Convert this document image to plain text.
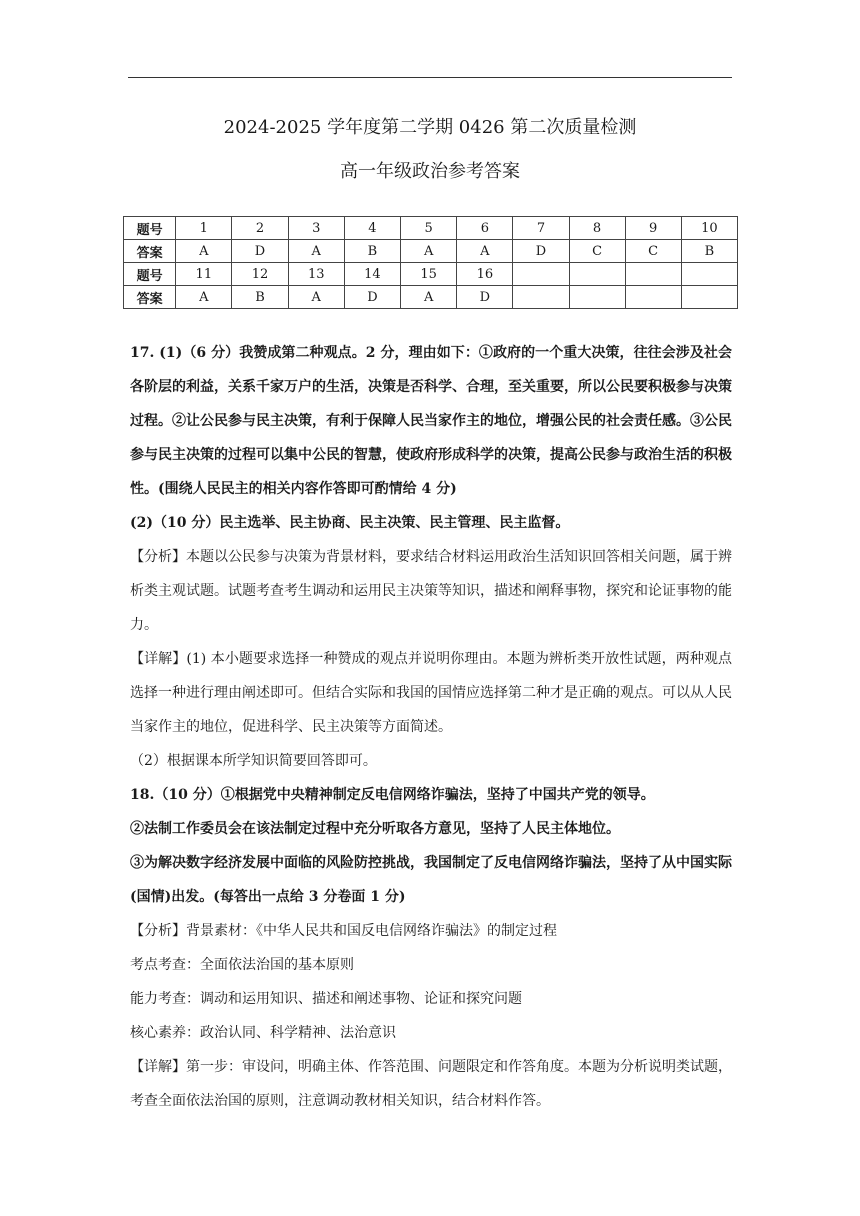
2024-2025 学年度第二学期 0426 第二次质量检测
高一年级政治参考答案
题号	1	2	3	4	5	6	7	8	9	10
答案	A	D	A	B	A	A	D	C	C	B
题号	11	12	13	14	15	16				
答案	A	B	A	D	A	D				

17. (1)（6 分）我赞成第二种观点。2 分，理由如下：①政府的一个重大决策，往往会涉及社会各阶层的利益，关系千家万户的生活，决策是否科学、合理，至关重要，所以公民要积极参与决策过程。②让公民参与民主决策，有利于保障人民当家作主的地位，增强公民的社会责任感。③公民参与民主决策的过程可以集中公民的智慧，使政府形成科学的决策，提高公民参与政治生活的积极性。(围绕人民民主的相关内容作答即可酌情给 4 分)

(2)（10 分）民主选举、民主协商、民主决策、民主管理、民主监督。

【分析】本题以公民参与决策为背景材料，要求结合材料运用政治生活知识回答相关问题，属于辨析类主观试题。试题考查考生调动和运用民主决策等知识，描述和阐释事物，探究和论证事物的能力。

【详解】(1) 本小题要求选择一种赞成的观点并说明你理由。本题为辨析类开放性试题，两种观点选择一种进行理由阐述即可。但结合实际和我国的国情应选择第二种才是正确的观点。可以从人民当家作主的地位，促进科学、民主决策等方面简述。

（2）根据课本所学知识简要回答即可。

18.（10 分）①根据党中央精神制定反电信网络诈骗法，坚持了中国共产党的领导。

②法制工作委员会在该法制定过程中充分听取各方意见，坚持了人民主体地位。

③为解决数字经济发展中面临的风险防控挑战，我国制定了反电信网络诈骗法，坚持了从中国实际(国情)出发。(每答出一点给 3 分卷面 1 分)

【分析】背景素材：《中华人民共和国反电信网络诈骗法》的制定过程

考点考查：全面依法治国的基本原则

能力考查：调动和运用知识、描述和阐述事物、论证和探究问题

核心素养：政治认同、科学精神、法治意识

【详解】第一步：审设问，明确主体、作答范围、问题限定和作答角度。本题为分析说明类试题，考查全面依法治国的原则，注意调动教材相关知识，结合材料作答。
